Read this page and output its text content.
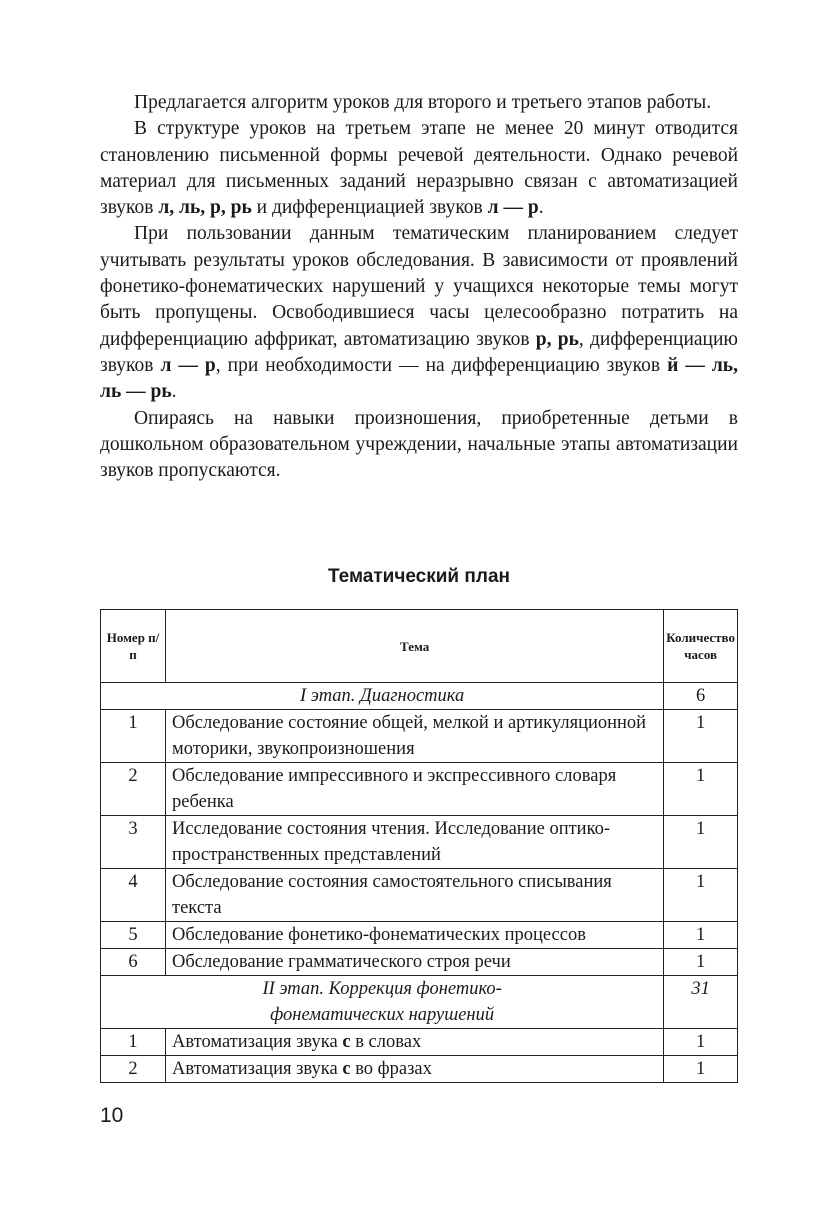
Предлагается алгоритм уроков для второго и третьего этапов работы.

В структуре уроков на третьем этапе не менее 20 минут отводится становлению письменной формы речевой деятельности. Однако речевой материал для письменных заданий неразрывно связан с автоматизацией звуков л, ль, р, рь и дифференциацией звуков л — р.

При пользовании данным тематическим планированием следует учитывать результаты уроков обследования. В зависимости от проявлений фонетико-фонематических нарушений у учащихся некоторые темы могут быть пропущены. Освободившиеся часы целесообразно потратить на дифференциацию аффрикат, автоматизацию звуков р, рь, дифференциацию звуков л — р, при необходимости — на дифференциацию звуков й — ль, ль — рь.

Опираясь на навыки произношения, приобретенные детьми в дошкольном образовательном учреждении, начальные этапы автоматизации звуков пропускаются.

Тематический план
Номер п/п	Тема	Количество часов
I этап. Диагностика		6
1	Обследование состояние общей, мелкой и артикуляционной моторики, звукопроизношения	1
2	Обследование импрессивного и экспрессивного словаря ребенка	1
3	Исследование состояния чтения. Исследование оптико-пространственных представлений	1
4	Обследование состояния самостоятельного списывания текста	1
5	Обследование фонетико-фонематических процессов	1
6	Обследование грамматического строя речи	1
II этап. Коррекция фонетико-фонематических нарушений		31
1	Автоматизация звука с в словах	1
2	Автоматизация звука с во фразах	1
10
